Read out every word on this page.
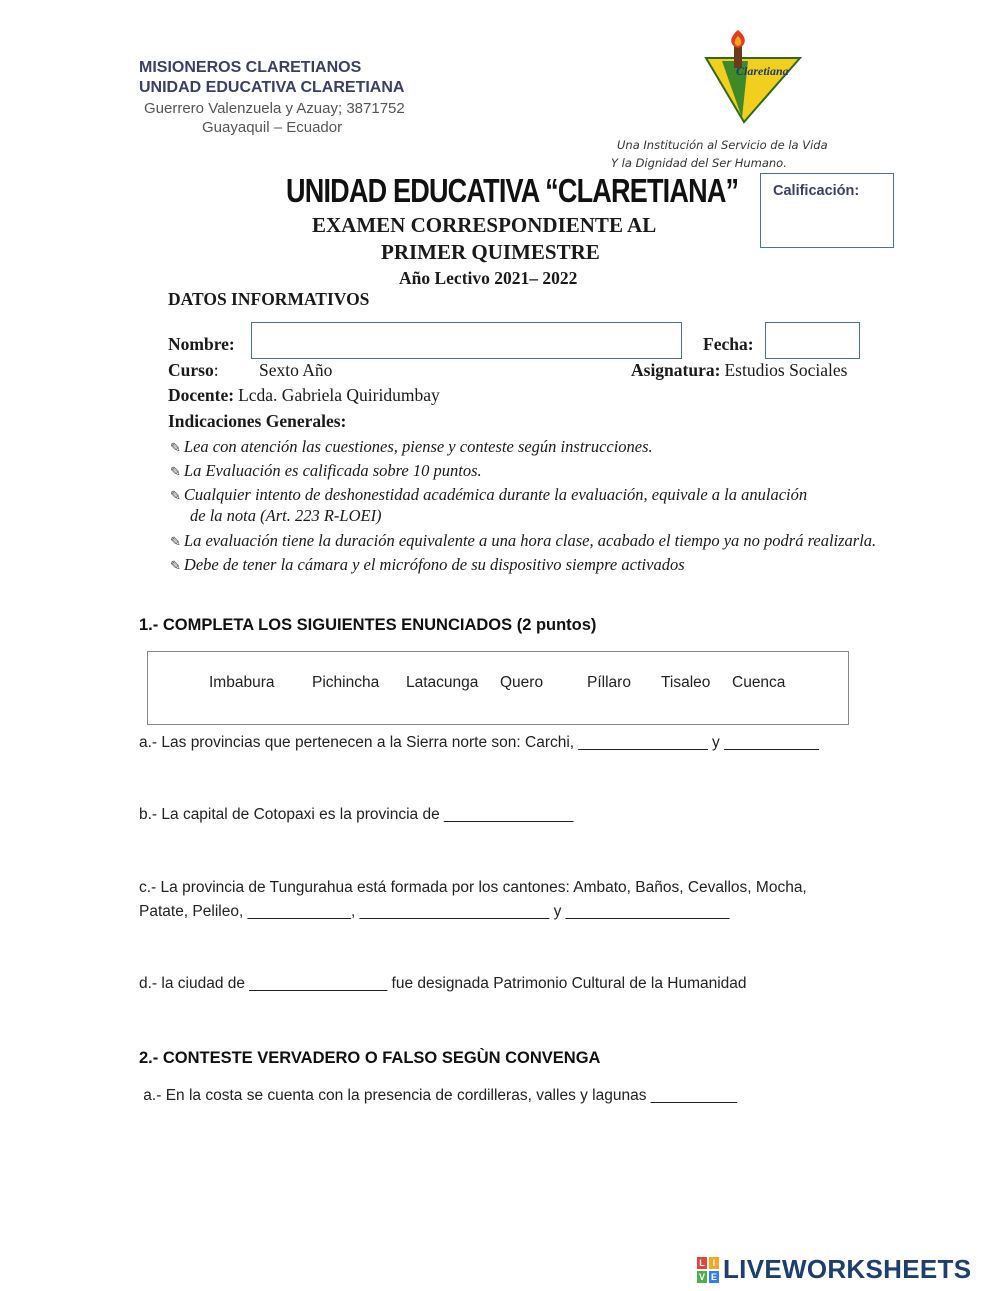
MISIONEROS CLARETIANOS
UNIDAD EDUCATIVA CLARETIANA
Guerrero Valenzuela y Azuay; 3871752
Guayaquil – Ecuador
Claretiana
Una Institución al Servicio de la Vida
Y la Dignidad del Ser Humano.
UNIDAD EDUCATIVA “CLARETIANA”
EXAMEN CORRESPONDIENTE AL
PRIMER QUIMESTRE
Año Lectivo 2021– 2022
Calificación:
DATOS INFORMATIVOS
Nombre:	Fecha:
Curso: Sexto Año	Asignatura: Estudios Sociales
Docente: Lcda. Gabriela Quiridumbay
Indicaciones Generales:
✎ Lea con atención las cuestiones, piense y conteste según instrucciones.
✎ La Evaluación es calificada sobre 10 puntos.
✎ Cualquier intento de deshonestidad académica durante la evaluación, equivale a la anulación
de la nota (Art. 223 R-LOEI)
✎ La evaluación tiene la duración equivalente a una hora clase, acabado el tiempo ya no podrá realizarla.
✎ Debe de tener la cámara y el micrófono de su dispositivo siempre activados
1.- COMPLETA LOS SIGUIENTES ENUNCIADOS (2 puntos)
Imbabura Pichincha Latacunga Quero	Píllaro Tisaleo Cuenca
a.- Las provincias que pertenecen a la Sierra norte son: Carchi, _______________ y ___________
b.- La capital de Cotopaxi es la provincia de _______________
c.- La provincia de Tungurahua está formada por los cantones: Ambato, Baños, Cevallos, Mocha,
Patate, Pelileo, ____________, ______________________ y ___________________
d.- la ciudad de ________________ fue designada Patrimonio Cultural de la Humanidad
2.- CONTESTE VERVADERO O FALSO SEGÙN CONVENGA
a.- En la costa se cuenta con la presencia de cordilleras, valles y lagunas __________
L I
V E LIVEWORKSHEETS
